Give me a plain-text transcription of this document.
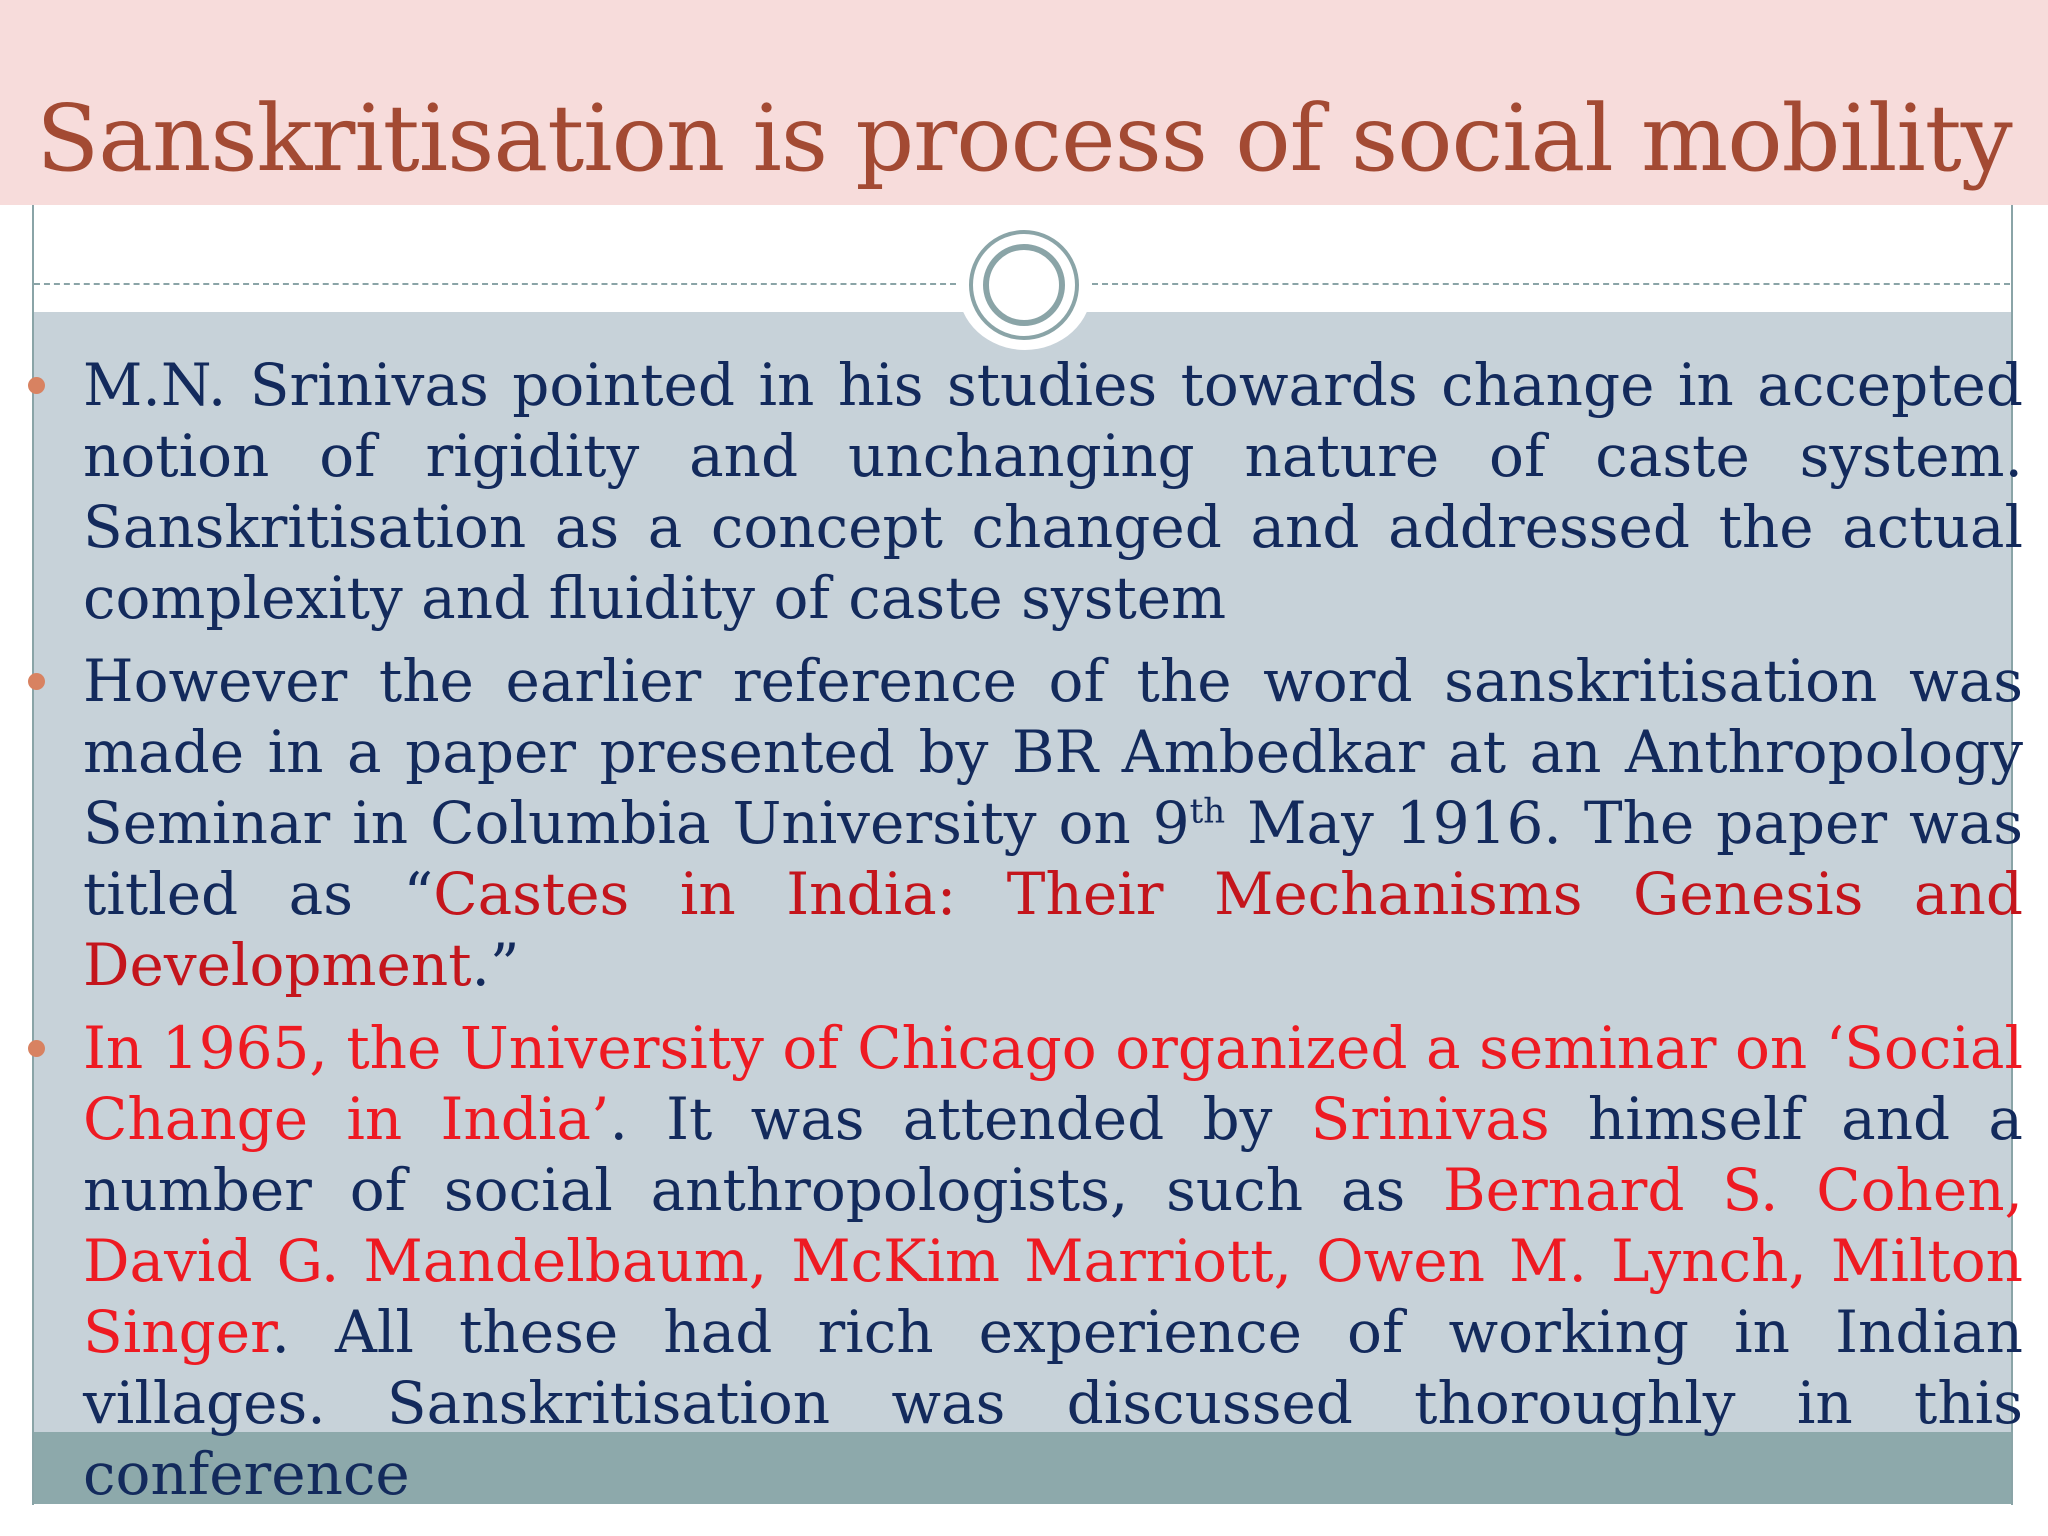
Sanskritisation is process of social mobility
M.N. Srinivas pointed in his studies towards change in accepted notion of rigidity and unchanging nature of caste system. Sanskritisation as a concept changed and addressed the actual complexity and fluidity of caste system
However the earlier reference of the word sanskritisation was made in a paper presented by BR Ambedkar at an Anthropology Seminar in Columbia University on 9th May 1916. The paper was titled as “Castes in India: Their Mechanisms Genesis and Development.”
In 1965, the University of Chicago organized a seminar on ‘Social Change in India’. It was attended by Srinivas himself and a number of social anthropologists, such as Bernard S. Cohen, David G. Mandelbaum, McKim Marriott, Owen M. Lynch, Milton Singer. All these had rich experience of working in Indian villages. Sanskritisation was discussed thoroughly in this conference
